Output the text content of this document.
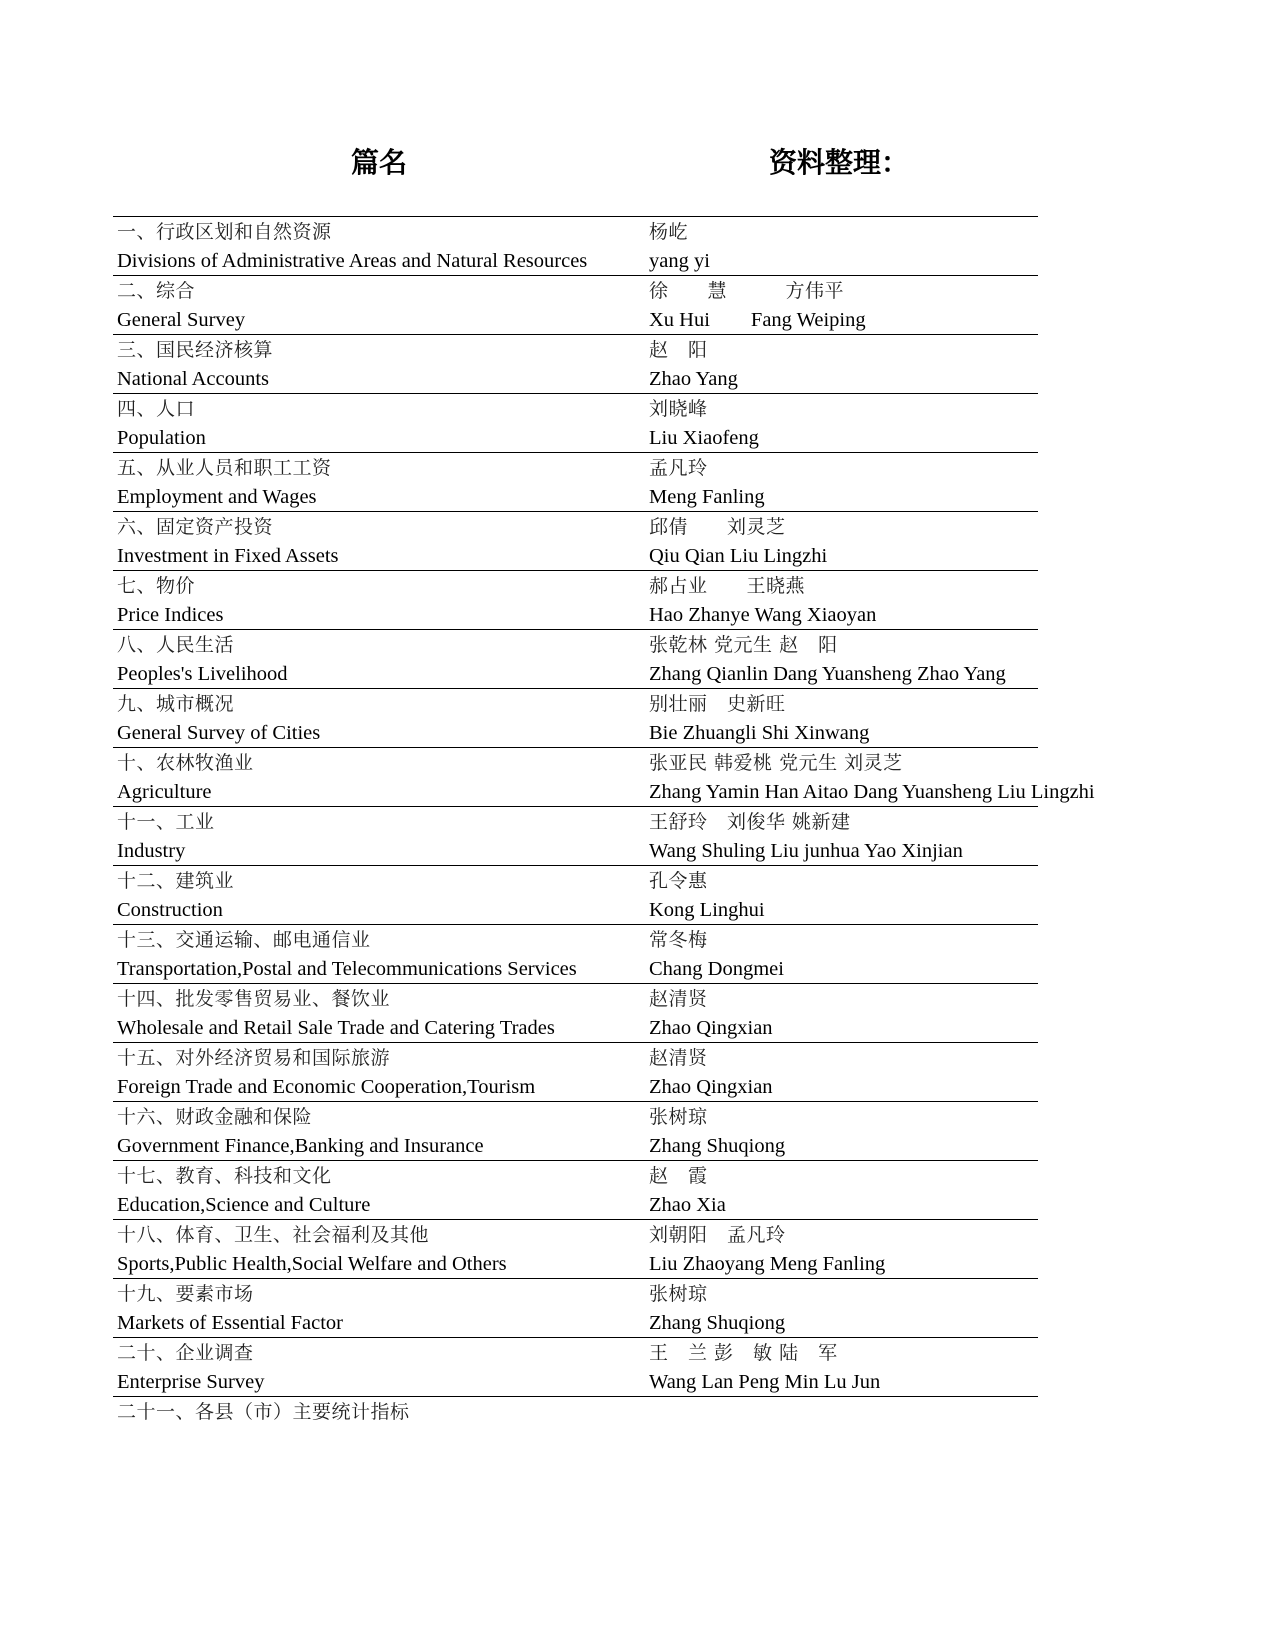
篇名	资料整理：
一、行政区划和自然资源
Divisions of Administrative Areas and Natural Resources
杨屹
yang yi
二、综合
General Survey
徐　　慧　　　方伟平
Xu Hui　　Fang Weiping
三、国民经济核算
National Accounts
赵　阳
Zhao Yang
四、人口
Population
刘晓峰
Liu Xiaofeng
五、从业人员和职工工资
Employment and Wages
孟凡玲
Meng Fanling
六、固定资产投资
Investment in Fixed Assets
邱倩　　刘灵芝
Qiu Qian Liu Lingzhi
七、物价
Price Indices
郝占业　　王晓燕
Hao Zhanye Wang Xiaoyan
八、人民生活
Peoples's Livelihood
张乾林 党元生 赵　阳
Zhang Qianlin Dang Yuansheng Zhao Yang
九、城市概况
General Survey of Cities
别壮丽　史新旺
Bie Zhuangli Shi Xinwang
十、农林牧渔业
Agriculture
张亚民 韩爱桃 党元生 刘灵芝
Zhang Yamin Han Aitao Dang Yuansheng Liu Lingzhi
十一、工业
Industry
王舒玲　刘俊华 姚新建
Wang Shuling Liu junhua Yao Xinjian
十二、建筑业
Construction
孔令惠
Kong Linghui
十三、交通运输、邮电通信业
Transportation,Postal and Telecommunications Services
常冬梅
Chang Dongmei
十四、批发零售贸易业、餐饮业
Wholesale and Retail Sale Trade and Catering Trades
赵清贤
Zhao Qingxian
十五、对外经济贸易和国际旅游
Foreign Trade and Economic Cooperation,Tourism
赵清贤
Zhao Qingxian
十六、财政金融和保险
Government Finance,Banking and Insurance
张树琼
Zhang Shuqiong
十七、教育、科技和文化
Education,Science and Culture
赵　霞
Zhao Xia
十八、体育、卫生、社会福利及其他
Sports,Public Health,Social Welfare and Others
刘朝阳　孟凡玲
Liu Zhaoyang Meng Fanling
十九、要素市场
Markets of Essential Factor
张树琼
Zhang Shuqiong
二十、企业调查
Enterprise Survey
王　兰 彭　敏 陆　军
Wang Lan Peng Min Lu Jun
二十一、各县（市）主要统计指标
